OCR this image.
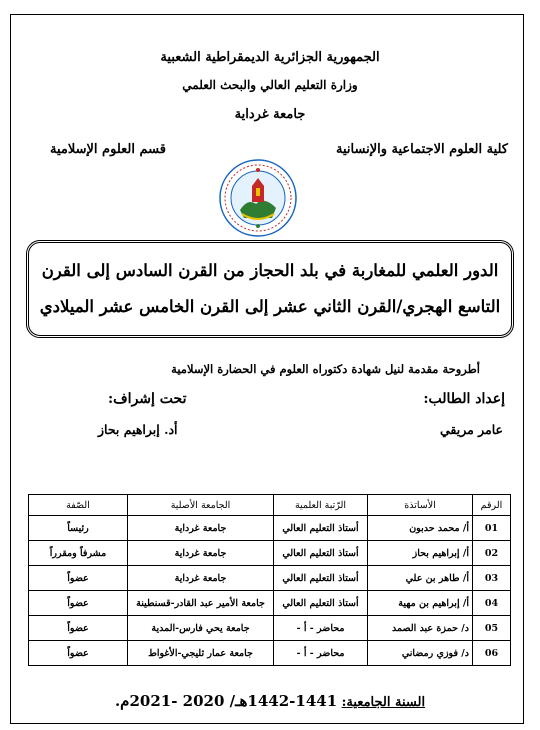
الجمهورية الجزائرية الديمقراطية الشعبية
وزارة التعليم العالي والبحث العلمي
جامعة غرداية
كلية العلوم الاجتماعية والإنسانية
قسم العلوم الإسلامية
الدور العلمي للمغاربة في بلد الحجاز من القرن السادس إلى القرن
التاسع الهجري/القرن الثاني عشر إلى القرن الخامس عشر الميلادي
أطروحة مقدمة لنيل شهادة دكتوراه العلوم في الحضارة الإسلامية
إعداد الطالب:
تحت إشراف:
عامر مريقي
أد. إبراهيم بحاز
الرقم	الأساتذة	الرّتبة العلمية	الجامعة الأصلية	الصّفة
01	أ/ محمد حدبون	أستاذ التعليم العالي	جامعة غرداية	رئيساً
02	أ/ إبراهيم بحاز	أستاذ التعليم العالي	جامعة غرداية	مشرفاً ومقرراً
03	أ/ طاهر بن علي	أستاذ التعليم العالي	جامعة غرداية	عضواً
04	أ/ إبراهيم بن مهية	أستاذ التعليم العالي	جامعة الأمير عبد القادر-قسنطينة	عضواً
05	د/ حمزة عبد الصمد	محاضر - أ -	جامعة يحي فارس-المدية	عضواً
06	د/ فوزي رمضاني	محاضر - أ -	جامعة عمار ثليجي-الأغواط	عضواً
السنة الجامعية: 1441-1442هـ/ 2020 -2021م.
